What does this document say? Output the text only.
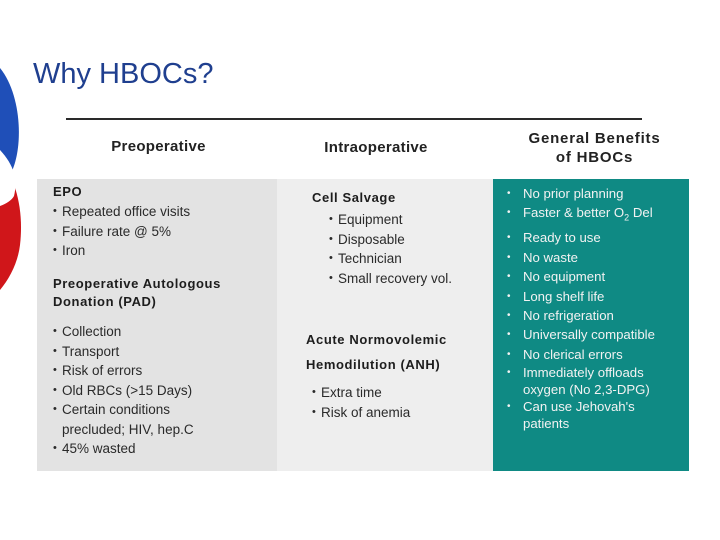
Why HBOCs?
Preoperative	Intraoperative
General Benefits
of HBOCs
EPO
• Repeated office visits
• Failure rate @ 5%
• Iron
Preoperative Autologous
Donation (PAD)
• Collection
• Transport
• Risk of errors
• Old RBCs (>15 Days)
• Certain conditions
precluded; HIV, hep.C
• 45% wasted
Cell Salvage
• Equipment
• Disposable
• Technician
• Small recovery vol.
Acute Normovolemic
Hemodilution (ANH)
• Extra time
• Risk of anemia
• No prior planning
• Faster & better $O_2$ Del
• Ready to use
• No waste
• No equipment
• Long shelf life
• No refrigeration
• Universally compatible
• No clerical errors
• Immediately offloads
oxygen (No 2,3-DPG)
• Can use Jehovah's
patients
